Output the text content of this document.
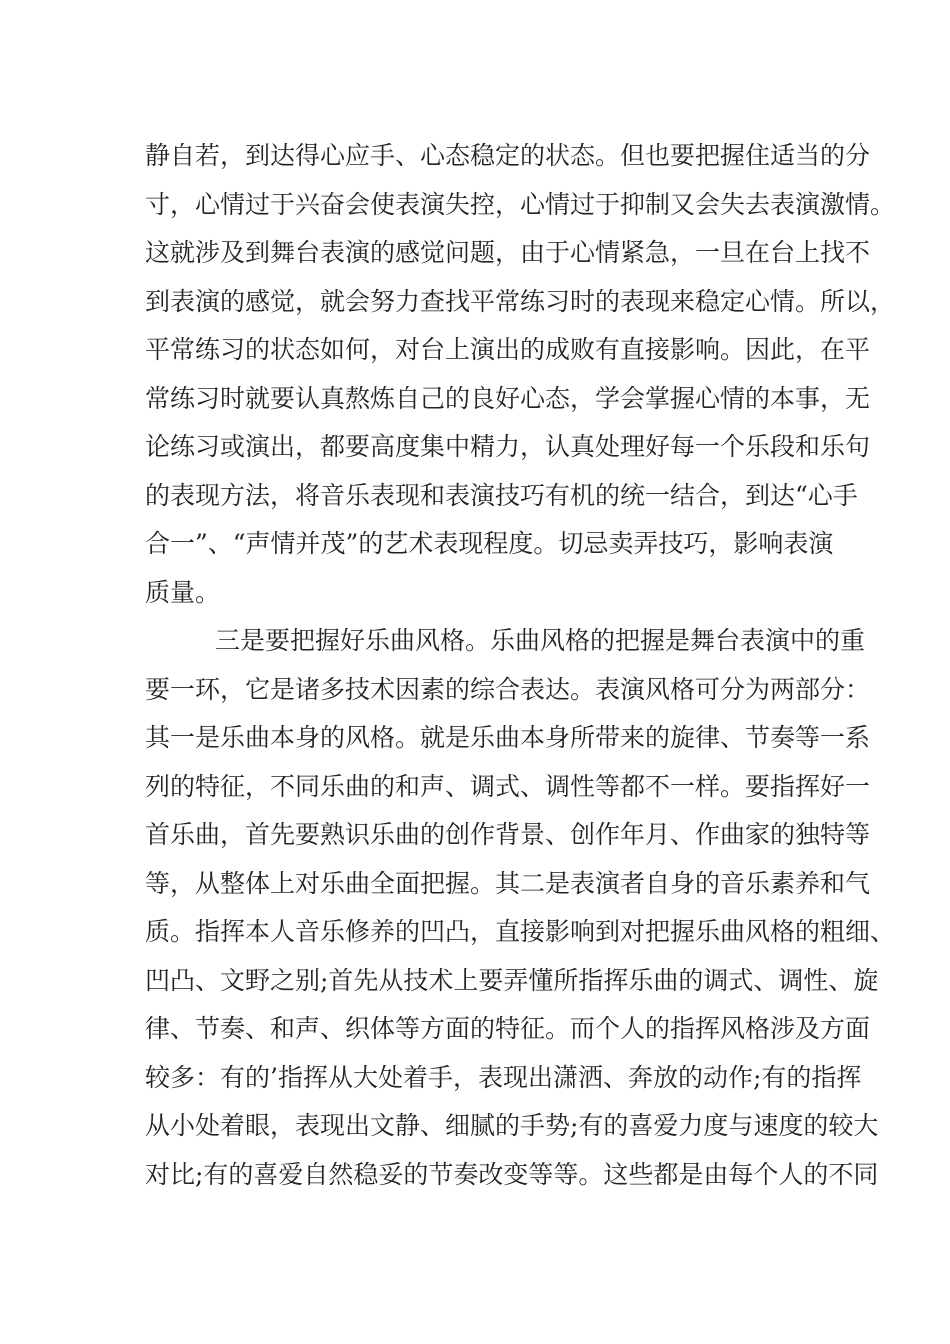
静自若，到达得心应手、心态稳定的状态。但也要把握住适当的分
寸，心情过于兴奋会使表演失控，心情过于抑制又会失去表演激情。
这就涉及到舞台表演的感觉问题，由于心情紧急，一旦在台上找不
到表演的感觉，就会努力查找平常练习时的表现来稳定心情。所以，
平常练习的状态如何，对台上演出的成败有直接影响。因此，在平
常练习时就要认真熬炼自己的良好心态，学会掌握心情的本事，无
论练习或演出，都要高度集中精力，认真处理好每一个乐段和乐句
的表现方法，将音乐表现和表演技巧有机的统一结合，到达“心手
合一”、“声情并茂”的艺术表现程度。切忌卖弄技巧，影响表演
质量。
三是要把握好乐曲风格。乐曲风格的把握是舞台表演中的重
要一环，它是诸多技术因素的综合表达。表演风格可分为两部分：
其一是乐曲本身的风格。就是乐曲本身所带来的旋律、节奏等一系
列的特征，不同乐曲的和声、调式、调性等都不一样。要指挥好一
首乐曲，首先要熟识乐曲的创作背景、创作年月、作曲家的独特等
等，从整体上对乐曲全面把握。其二是表演者自身的音乐素养和气
质。指挥本人音乐修养的凹凸，直接影响到对把握乐曲风格的粗细、
凹凸、文野之别;首先从技术上要弄懂所指挥乐曲的调式、调性、旋
律、节奏、和声、织体等方面的特征。而个人的指挥风格涉及方面
较多：有的’指挥从大处着手，表现出潇洒、奔放的动作;有的指挥
从小处着眼，表现出文静、细腻的手势;有的喜爱力度与速度的较大
对比;有的喜爱自然稳妥的节奏改变等等。这些都是由每个人的不同
